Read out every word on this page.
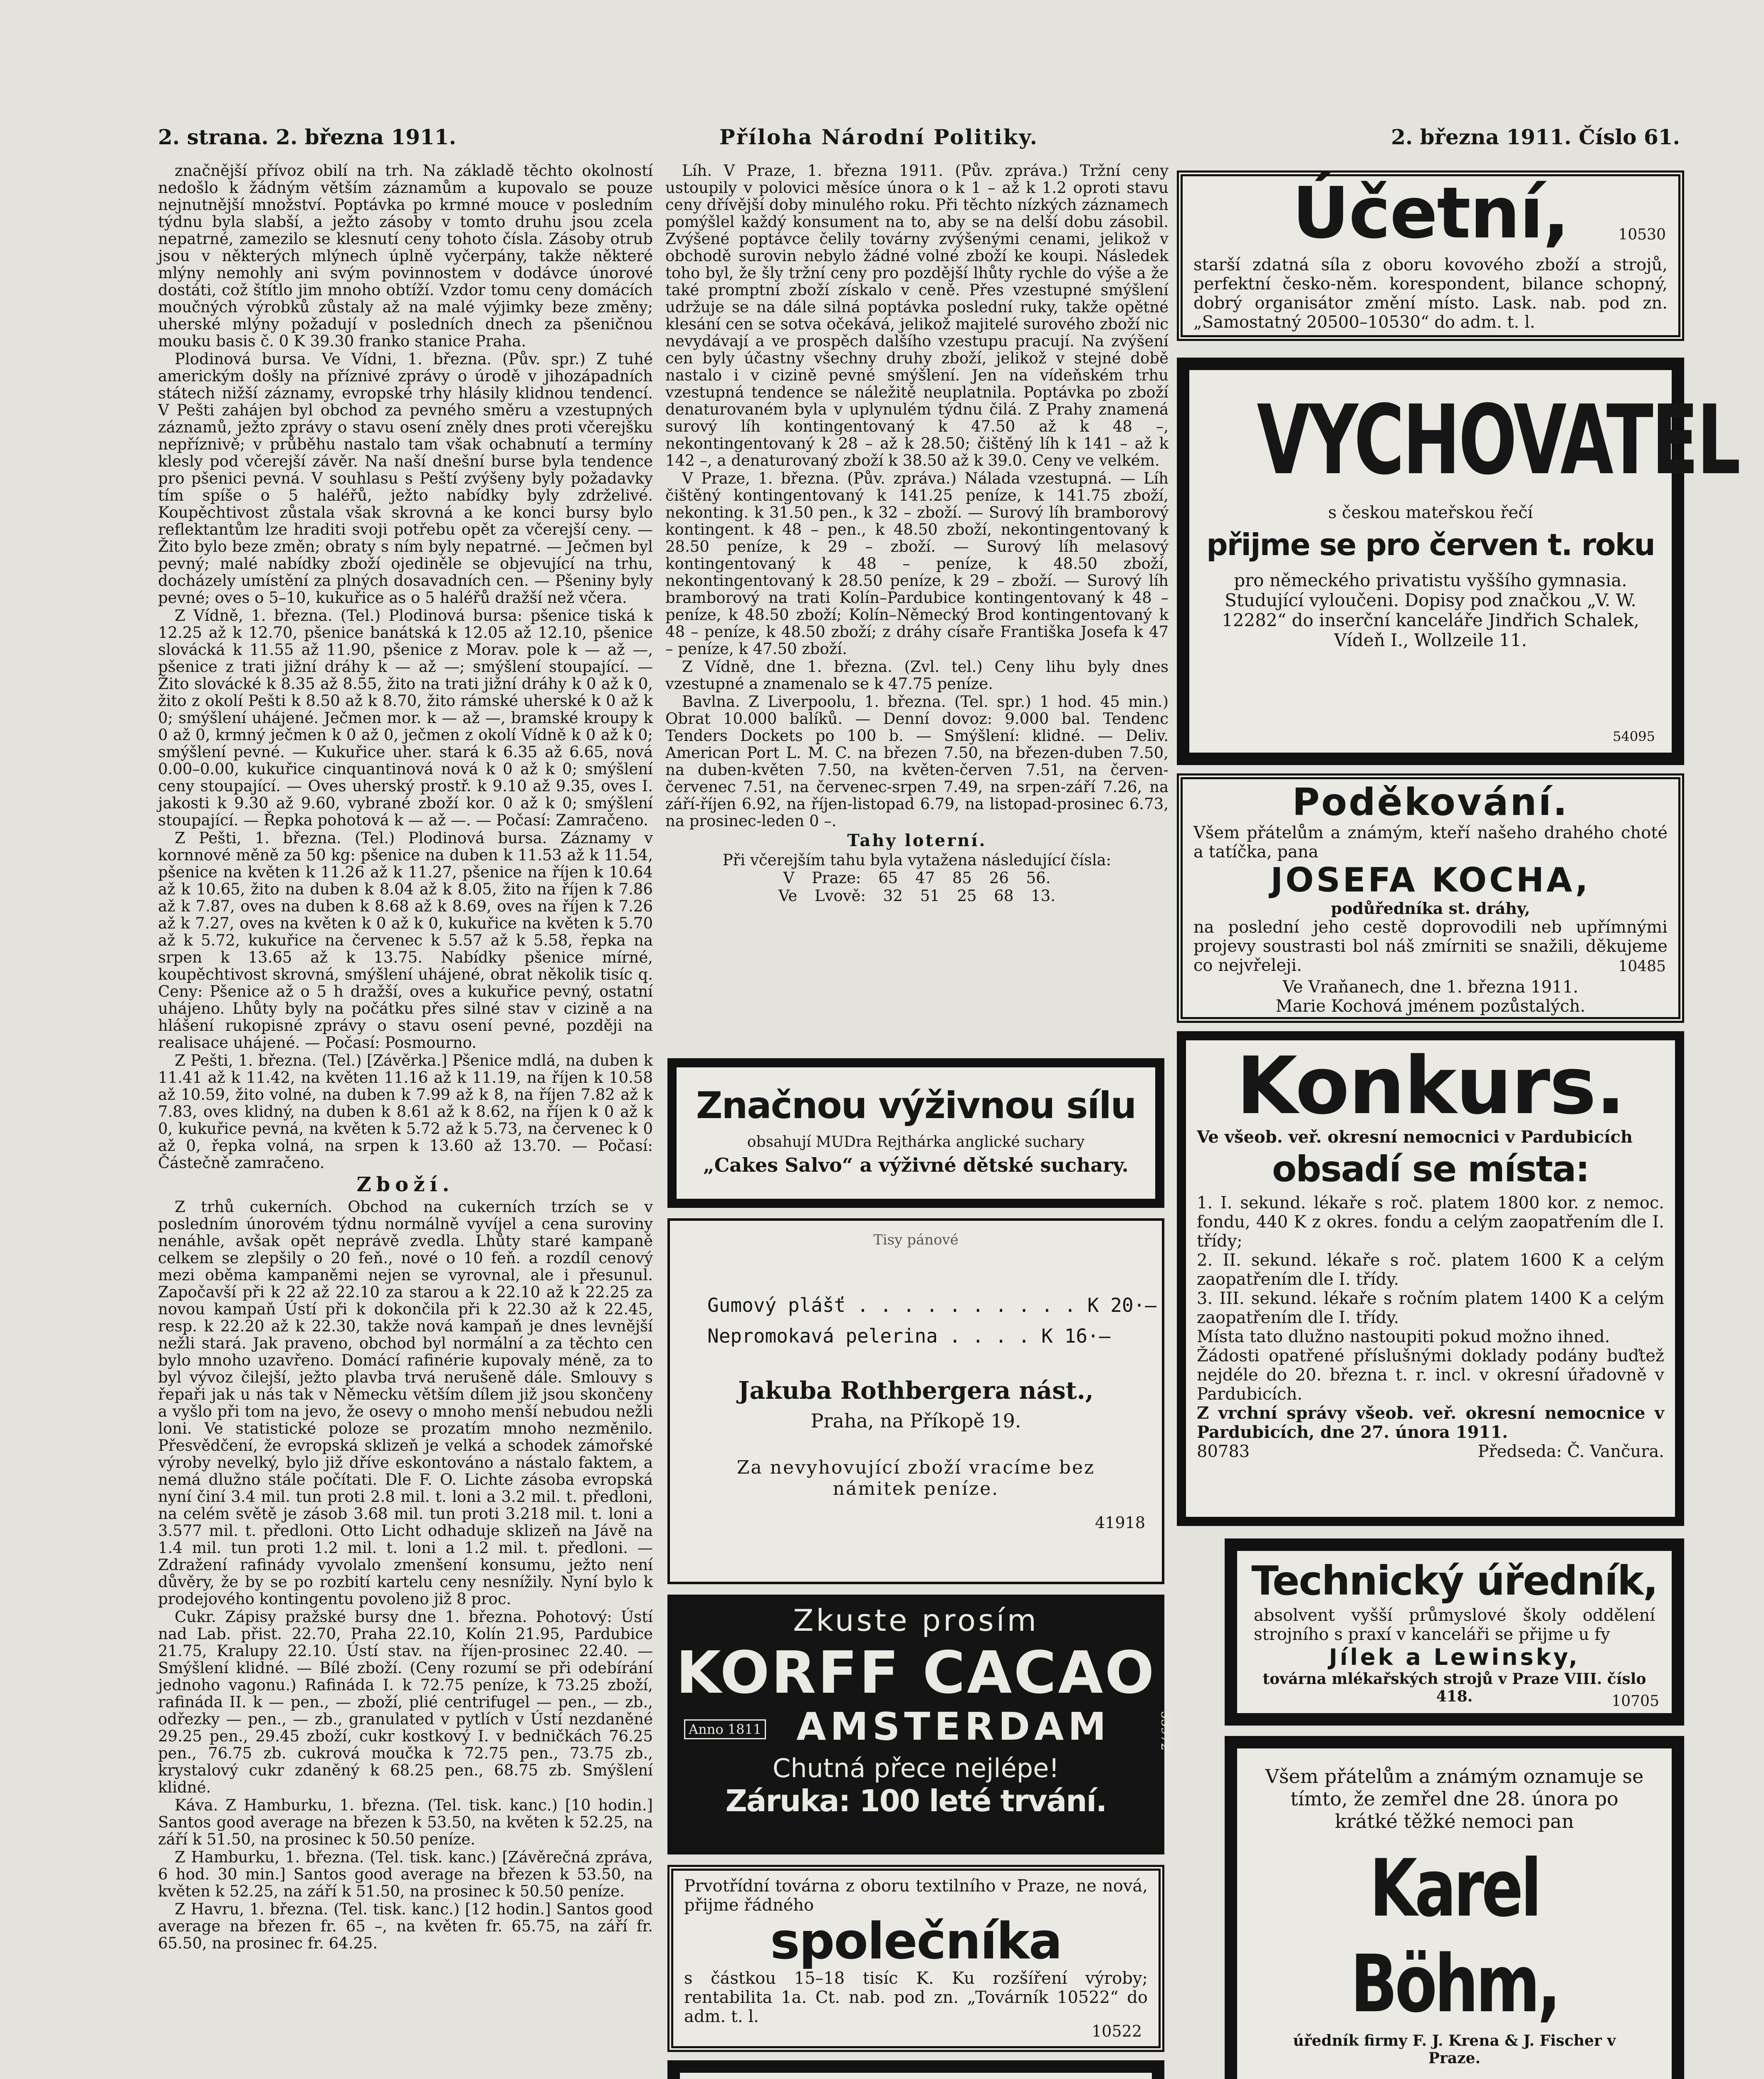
2. strana. 2. března 1911.	Příloha Národní Politiky.	2. března 1911. Číslo 61.

značnější přívoz obilí na trh. Na základě těchto okolností nedošlo k žádným větším záznamům a kupovalo se pouze nejnutnější množství. Poptávka po krmné mouce v posledním týdnu byla slabší, a ježto zásoby v tomto druhu jsou zcela nepatrné, zamezilo se klesnutí ceny tohoto čísla. Zásoby otrub jsou v některých mlýnech úplně vyčerpány, takže některé mlýny nemohly ani svým povinnostem v dodávce únorové dostáti, což štítlo jim mnoho obtíží. Vzdor tomu ceny domácích moučných výrobků zůstaly až na malé výjimky beze změny; uherské mlýny požadují v posledních dnech za pšeničnou mouku basis č. 0 K 39.30 franko stanice Praha.

Plodinová bursa. Ve Vídni, 1. března. (Pův. spr.) Z tuhé americkým došly na příznivé zprávy o úrodě v jihozápadních státech nižší záznamy, evropské trhy hlásily klidnou tendencí. V Pešti zahájen byl obchod za pevného směru a vzestupných záznamů, ježto zprávy o stavu osení zněly dnes proti včerejšku nepříznivě; v průběhu nastalo tam však ochabnutí a termíny klesly pod včerejší závěr. Na naší dnešní burse byla tendence pro pšenici pevná. V souhlasu s Peští zvýšeny byly požadavky tím spíše o 5 haléřů, ježto nabídky byly zdrželivé. Koupěchtivost zůstala však skrovná a ke konci bursy bylo reflektantům lze hraditi svoji potřebu opět za včerejší ceny. — Žito bylo beze změn; obraty s ním byly nepatrné. — Ječmen byl pevný; malé nabídky zboží ojediněle se objevující na trhu, docházely umístění za plných dosavadních cen. — Pšeniny byly pevné; oves o 5–10, kukuřice as o 5 haléřů dražší než včera.

Z Vídně, 1. března. (Tel.) Plodinová bursa: pšenice tiská k 12.25 až k 12.70, pšenice banátská k 12.05 až 12.10, pšenice slovácká k 11.55 až 11.90, pšenice z Morav. pole k — až —, pšenice z trati jižní dráhy k — až —; smýšlení stoupající. — Žito slovácké k 8.35 až 8.55, žito na trati jižní dráhy k 0 až k 0, žito z okolí Pešti k 8.50 až k 8.70, žito rámské uherské k 0 až k 0; smýšlení uhájené. Ječmen mor. k — až —, bramské kroupy k 0 až 0, krmný ječmen k 0 až 0, ječmen z okolí Vídně k 0 až k 0; smýšlení pevné. — Kukuřice uher. stará k 6.35 až 6.65, nová 0.00–0.00, kukuřice cinquantinová nová k 0 až k 0; smýšlení ceny stoupající. — Oves uherský prostř. k 9.10 až 9.35, oves I. jakosti k 9.30 až 9.60, vybrané zboží kor. 0 až k 0; smýšlení stoupající. — Řepka pohotová k — až —. — Počasí: Zamračeno.

Z Pešti, 1. března. (Tel.) Plodinová bursa. Záznamy v kornnové měně za 50 kg: pšenice na duben k 11.53 až k 11.54, pšenice na květen k 11.26 až k 11.27, pšenice na říjen k 10.64 až k 10.65, žito na duben k 8.04 až k 8.05, žito na říjen k 7.86 až k 7.87, oves na duben k 8.68 až k 8.69, oves na říjen k 7.26 až k 7.27, oves na květen k 0 až k 0, kukuřice na květen k 5.70 až k 5.72, kukuřice na červenec k 5.57 až k 5.58, řepka na srpen k 13.65 až k 13.75. Nabídky pšenice mírné, koupěchtivost skrovná, smýšlení uhájené, obrat několik tisíc q. Ceny: Pšenice až o 5 h dražší, oves a kukuřice pevný, ostatní uhájeno. Lhůty byly na počátku přes silné stav v cizině a na hlášení rukopisné zprávy o stavu osení pevné, později na realisace uhájené. — Počasí: Posmourno.

Z Pešti, 1. března. (Tel.) [Závěrka.] Pšenice mdlá, na duben k 11.41 až k 11.42, na květen 11.16 až k 11.19, na říjen k 10.58 až 10.59, žito volné, na duben k 7.99 až k 8, na říjen 7.82 až k 7.83, oves klidný, na duben k 8.61 až k 8.62, na říjen k 0 až k 0, kukuřice pevná, na květen k 5.72 až k 5.73, na červenec k 0 až 0, řepka volná, na srpen k 13.60 až 13.70. — Počasí: Částečně zamračeno.

Zboží.

Z trhů cukerních. Obchod na cukerních trzích se v posledním únorovém týdnu normálně vyvíjel a cena suroviny nenáhle, avšak opět neprávě zvedla. Lhůty staré kampaně celkem se zlepšily o 20 feň., nové o 10 feň. a rozdíl cenový mezi oběma kampaněmi nejen se vyrovnal, ale i přesunul. Započavší při k 22 až 22.10 za starou a k 22.10 až k 22.25 za novou kampaň Ústí při k dokončila při k 22.30 až k 22.45, resp. k 22.20 až k 22.30, takže nová kampaň je dnes levnější nežli stará. Jak praveno, obchod byl normální a za těchto cen bylo mnoho uzavřeno. Domácí rafinérie kupovaly méně, za to byl vývoz čilejší, ježto plavba trvá nerušeně dále. Smlouvy s řepaři jak u nás tak v Německu větším dílem již jsou skončeny a vyšlo při tom na jevo, že osevy o mnoho menší nebudou nežli loni. Ve statistické poloze se prozatím mnoho nezměnilo. Přesvědčení, že evropská sklizeň je velká a schodek zámořské výroby nevelký, bylo již dříve eskontováno a nástalo faktem, a nemá dlužno stále počítati. Dle F. O. Lichte zásoba evropská nyní činí 3.4 mil. tun proti 2.8 mil. t. loni a 3.2 mil. t. předloni, na celém světě je zásob 3.68 mil. tun proti 3.218 mil. t. loni a 3.577 mil. t. předloni. Otto Licht odhaduje sklizeň na Jávě na 1.4 mil. tun proti 1.2 mil. t. loni a 1.2 mil. t. předloni. — Zdražení rafinády vyvolalo zmenšení konsumu, ježto není důvěry, že by se po rozbití kartelu ceny nesnížily. Nyní bylo k prodejového kontingentu povoleno již 8 proc.

Cukr. Zápisy pražské bursy dne 1. března. Pohotový: Ústí nad Lab. přist. 22.70, Praha 22.10, Kolín 21.95, Pardubice 21.75, Kralupy 22.10. Ústí stav. na říjen-prosinec 22.40. — Smýšlení klidné. — Bílé zboží. (Ceny rozumí se při odebírání jednoho vagonu.) Rafináda I. k 72.75 peníze, k 73.25 zboží, rafináda II. k — pen., — zboží, plié centrifugel — pen., — zb., odřezky — pen., — zb., granulated v pytlích v Ústí nezdaněné 29.25 pen., 29.45 zboží, cukr kostkový I. v bedničkách 76.25 pen., 76.75 zb. cukrová moučka k 72.75 pen., 73.75 zb., krystalový cukr zdaněný k 68.25 pen., 68.75 zb. Smýšlení klidné.

Káva. Z Hamburku, 1. března. (Tel. tisk. kanc.) [10 hodin.] Santos good average na březen k 53.50, na květen k 52.25, na září k 51.50, na prosinec k 50.50 peníze.

Z Hamburku, 1. března. (Tel. tisk. kanc.) [Závěrečná zpráva, 6 hod. 30 min.] Santos good average na březen k 53.50, na květen k 52.25, na září k 51.50, na prosinec k 50.50 peníze.

Z Havru, 1. března. (Tel. tisk. kanc.) [12 hodin.] Santos good average na březen fr. 65 –, na květen fr. 65.75, na září fr. 65.50, na prosinec fr. 64.25.

Líh. V Praze, 1. března 1911. (Pův. zpráva.) Tržní ceny ustoupily v polovici měsíce února o k 1 – až k 1.2 oproti stavu ceny dřívější doby minulého roku. Při těchto nízkých záznamech pomýšlel každý konsument na to, aby se na delší dobu zásobil. Zvýšené poptávce čelily továrny zvýšenými cenami, jelikož v obchodě surovin nebylo žádné volné zboží ke koupi. Následek toho byl, že šly tržní ceny pro pozdější lhůty rychle do výše a že také promptní zboží získalo v ceně. Přes vzestupné smýšlení udržuje se na dále silná poptávka poslední ruky, takže opětné klesání cen se sotva očekává, jelikož majitelé surového zboží nic nevydávají a ve prospěch dalšího vzestupu pracují. Na zvýšení cen byly účastny všechny druhy zboží, jelikož v stejné době nastalo i v cizině pevné smýšlení. Jen na vídeňském trhu vzestupná tendence se náležitě neuplatnila. Poptávka po zboží denaturovaném byla v uplynulém týdnu čilá. Z Prahy znamená surový líh kontingentovaný k 47.50 až k 48 –, nekontingentovaný k 28 – až k 28.50; čištěný líh k 141 – až k 142 –, a denaturovaný zboží k 38.50 až k 39.0. Ceny ve velkém.

V Praze, 1. března. (Pův. zpráva.) Nálada vzestupná. — Líh čištěný kontingentovaný k 141.25 peníze, k 141.75 zboží, nekonting. k 31.50 pen., k 32 – zboží. — Surový líh bramborový kontingent. k 48 – pen., k 48.50 zboží, nekontingentovaný k 28.50 peníze, k 29 – zboží. — Surový líh melasový kontingentovaný k 48 – peníze, k 48.50 zboží, nekontingentovaný k 28.50 peníze, k 29 – zboží. — Surový líh bramborový na trati Kolín–Pardubice kontingentovaný k 48 – peníze, k 48.50 zboží; Kolín–Německý Brod kontingentovaný k 48 – peníze, k 48.50 zboží; z dráhy císaře Františka Josefa k 47 – peníze, k 47.50 zboží.

Z Vídně, dne 1. března. (Zvl. tel.) Ceny lihu byly dnes vzestupné a znamenalo se k 47.75 peníze.

Bavlna. Z Liverpoolu, 1. března. (Tel. spr.) 1 hod. 45 min.) Obrat 10.000 balíků. — Denní dovoz: 9.000 bal. Tendenc Tenders Dockets po 100 b. — Smýšlení: klidné. — Deliv. American Port L. M. C. na březen 7.50, na březen-duben 7.50, na duben-květen 7.50, na květen-červen 7.51, na červen-červenec 7.51, na červenec-srpen 7.49, na srpen-září 7.26, na září-říjen 6.92, na říjen-listopad 6.79, na listopad-prosinec 6.73, na prosinec-leden 0 –.

Tahy loterní.

Při včerejším tahu byla vytažena následující čísla:

V Praze: 65 47 85 26 56.

Ve Lvově: 32 51 25 68 13.

Značnou výživnou sílu
obsahují MUDra Rejthárka anglické suchary
„Cakes Salvo“ a výživné dětské suchary.
Tisy pánové
Gumový plášť . . . . . . . . . . K 20·–
Nepromokavá pelerina . . . . K 16·–
Jakuba Rothbergera nást.,
Praha, na Příkopě 19.
Za nevyhovující zboží vracíme bez námitek peníze.
41918
Zkuste prosím
KORFF CACAO
Anno 1811 AMSTERDAM
Chutná přece nejlépe!
Záruka: 100 leté trvání.
53972
Prvotřídní továrna z oboru textilního v Praze, ne nová, přijme řádného
společníka
s částkou 15–18 tisíc K. Ku rozšíření výroby; rentabilita 1a. Ct. nab. pod zn. „Továrník 10522“ do adm. t. l.
10522
Účetní,	10530
starší zdatná síla z oboru kovového zboží a strojů, perfektní česko-něm. korespondent, bilance schopný, dobrý organisátor změní místo. Lask. nab. pod zn. „Samostatný 20500–10530“ do adm. t. l.
VYCHOVATEL
s českou mateřskou řečí
přijme se pro červen t. roku
pro německého privatistu vyššího gymnasia. Studující vyloučeni. Dopisy pod značkou „V. W. 12282“ do inserční kanceláře Jindřich Schalek, Vídeň I., Wollzeile 11.
54095
Poděkování.
Všem přátelům a známým, kteří našeho drahého choté a tatíčka, pana
JOSEFA KOCHA,
podůředníka st. dráhy,
na poslední jeho cestě doprovodili neb upřímnými projevy soustrasti bol náš zmírniti se snažili, děkujeme co nejvřeleji.
Ve Vraňanech, dne 1. března 1911.
Marie Kochová jménem pozůstalých.
10485
Konkurs.
Ve všeob. veř. okresní nemocnici v Pardubicích
obsadí se místa:
1. I. sekund. lékaře s roč. platem 1800 kor. z nemoc. fondu, 440 K z okres. fondu a celým zaopatřením dle I. třídy;
2. II. sekund. lékaře s roč. platem 1600 K a celým zaopatřením dle I. třídy.
3. III. sekund. lékaře s ročním platem 1400 K a celým zaopatřením dle I. třídy.
Místa tato dlužno nastoupiti pokud možno ihned.
Žádosti opatřené příslušnými doklady podány buďtež nejdéle do 20. března t. r. incl. v okresní úřadovně v Pardubicích.
Z vrchní správy všeob. veř. okresní nemocnice v Pardubicích, dne 27. února 1911.
80783	Předseda: Č. Vančura.
Technický úředník,
absolvent vyšší průmyslové školy oddělení strojního s praxí v kanceláři se přijme u fy
Jílek a Lewinsky,
továrna mlékařských strojů v Praze VIII. číslo 418.	10705
Všem přátelům a známým oznamuje se tímto, že zemřel dne 28. února po krátké těžké nemoci pan
Karel Böhm,
úředník firmy F. J. Krena & J. Fischer v Praze.
